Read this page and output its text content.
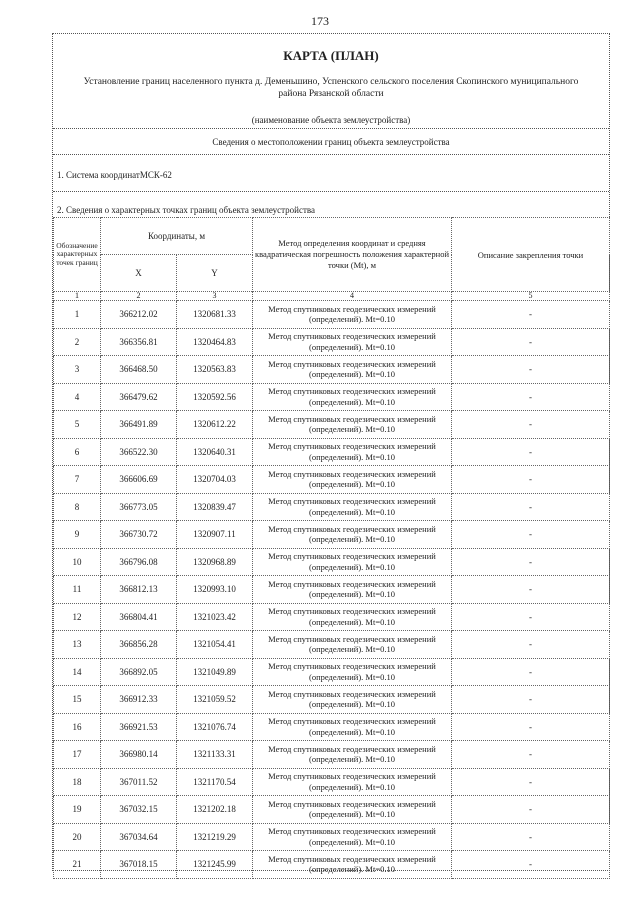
173
КАРТА (ПЛАН)
Установление границ населенного пункта д. Деменьшино, Успенского сельского поселения Скопинского муниципального района Рязанской области
(наименование объекта землеустройства)
Сведения о местоположении границ объекта землеустройства
1. Система координатМСК-62
2. Сведения о характерных точках границ объекта землеустройства
Обозначение характерных точек границ	Координаты, м		Метод определения координат и средняя квадратическая погрешность положения характерной точки (Mt), м	Описание закрепления точки
	X	Y		
1	2	3	4	5
1	366212.02	1320681.33	Метод спутниковых геодезических измерений (определений). Mt=0.10	-
2	366356.81	1320464.83	Метод спутниковых геодезических измерений (определений). Mt=0.10	-
3	366468.50	1320563.83	Метод спутниковых геодезических измерений (определений). Mt=0.10	-
4	366479.62	1320592.56	Метод спутниковых геодезических измерений (определений). Mt=0.10	-
5	366491.89	1320612.22	Метод спутниковых геодезических измерений (определений). Mt=0.10	-
6	366522.30	1320640.31	Метод спутниковых геодезических измерений (определений). Mt=0.10	-
7	366606.69	1320704.03	Метод спутниковых геодезических измерений (определений). Mt=0.10	-
8	366773.05	1320839.47	Метод спутниковых геодезических измерений (определений). Mt=0.10	-
9	366730.72	1320907.11	Метод спутниковых геодезических измерений (определений). Mt=0.10	-
10	366796.08	1320968.89	Метод спутниковых геодезических измерений (определений). Mt=0.10	-
11	366812.13	1320993.10	Метод спутниковых геодезических измерений (определений). Mt=0.10	-
12	366804.41	1321023.42	Метод спутниковых геодезических измерений (определений). Mt=0.10	-
13	366856.28	1321054.41	Метод спутниковых геодезических измерений (определений). Mt=0.10	-
14	366892.05	1321049.89	Метод спутниковых геодезических измерений (определений). Mt=0.10	-
15	366912.33	1321059.52	Метод спутниковых геодезических измерений (определений). Mt=0.10	-
16	366921.53	1321076.74	Метод спутниковых геодезических измерений (определений). Mt=0.10	-
17	366980.14	1321133.31	Метод спутниковых геодезических измерений (определений). Mt=0.10	-
18	367011.52	1321170.54	Метод спутниковых геодезических измерений (определений). Mt=0.10	-
19	367032.15	1321202.18	Метод спутниковых геодезических измерений (определений). Mt=0.10	-
20	367034.64	1321219.29	Метод спутниковых геодезических измерений (определений). Mt=0.10	-
21	367018.15	1321245.99	Метод спутниковых геодезических измерений (определений). Mt=0.10	-
